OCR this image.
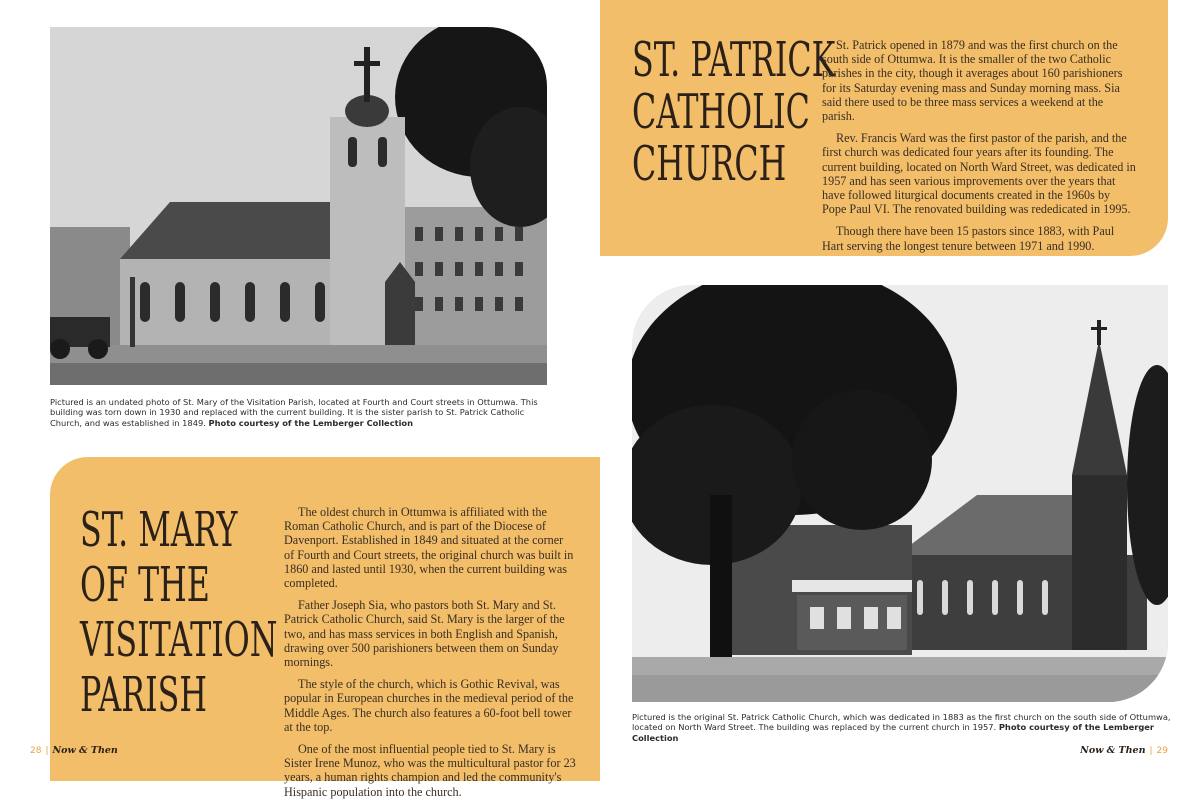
ST. PATRICK
CATHOLIC
CHURCH

St. Patrick opened in 1879 and was the first church on the south side of Ottumwa. It is the smaller of the two Catholic parishes in the city, though it averages about 160 parishioners for its Saturday evening mass and Sunday morning mass. Sia said there used to be three mass services a weekend at the parish.

Rev. Francis Ward was the first pastor of the parish, and the first church was dedicated four years after its founding. The current building, located on North Ward Street, was dedicated in 1957 and has seen various improvements over the years that have followed liturgical documents created in the 1960s by Pope Paul VI. The renovated building was rededicated in 1995.

Though there have been 15 pastors since 1883, with Paul Hart serving the longest tenure between 1971 and 1990.

ST. MARY
OF THE
VISITATION
PARISH

The oldest church in Ottumwa is affiliated with the Roman Catholic Church, and is part of the Diocese of Davenport. Established in 1849 and situated at the corner of Fourth and Court streets, the original church was built in 1860 and lasted until 1930, when the current building was completed.

Father Joseph Sia, who pastors both St. Mary and St. Patrick Catholic Church, said St. Mary is the larger of the two, and has mass services in both English and Spanish, drawing over 500 parishioners between them on Sunday mornings.

The style of the church, which is Gothic Revival, was popular in European churches in the medieval period of the Middle Ages. The church also features a 60-foot bell tower at the top.

One of the most influential people tied to St. Mary is Sister Irene Munoz, who was the multicultural pastor for 23 years, a human rights champion and led the community's Hispanic population into the church.

Pictured is an undated photo of St. Mary of the Visitation Parish, located at Fourth and Court streets in Ottumwa. This building was torn down in 1930 and replaced with the current building. It is the sister parish to St. Patrick Catholic Church, and was established in 1849. Photo courtesy of the Lemberger Collection

Pictured is the original St. Patrick Catholic Church, which was dedicated in 1883 as the first church on the south side of Ottumwa, located on North Ward Street. The building was replaced by the current church in 1957. Photo courtesy of the Lemberger Collection

28 | Now & Then	Now & Then | 29
